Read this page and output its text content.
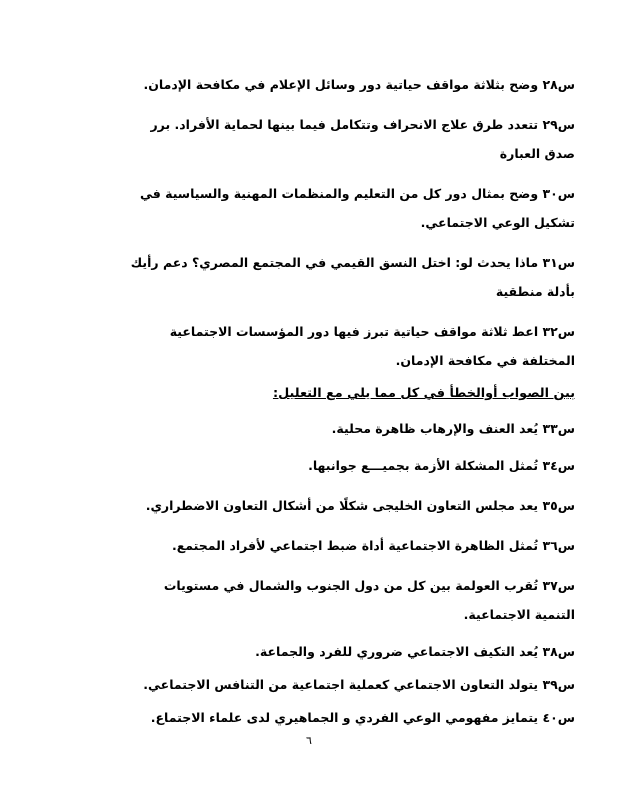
س٢٨ وضح بثلاثة مواقف حياتية دور وسائل الإعلام في مكافحة الإدمان.

س٢٩ تتعدد طرق علاج الانحراف وتتكامل فيما بينها لحماية الأفراد. برر صدق العبارة

س٣٠ وضح بمثال دور كل من التعليم والمنظمات المهنية والسياسية في تشكيل الوعي الاجتماعي.

س٣١ ماذا يحدث لو: اختل النسق القيمي في المجتمع المصري؟ دعم رأيك بأدلة منطقية

س٣٢ اعط ثلاثة مواقف حياتية تبرز فيها دور المؤسسات الاجتماعية المختلفة في مكافحة الإدمان.

بين الصواب أوالخطأ في كل مما يلي مع التعليل:

س٣٣ يُعد العنف والإرهاب ظاهرة محلية.

س٣٤ تُمثل المشكلة الأزمة بجميـــع جوانبها.

س٣٥ يعد مجلس التعاون الخليجى شكلًا من أشكال التعاون الاضطراري.

س٣٦ تُمثل الظاهرة الاجتماعية أداة ضبط اجتماعي لأفراد المجتمع.

س٣٧ تُقرب العولمة بين كل من دول الجنوب والشمال في مستويات التنمية الاجتماعية.

س٣٨ يُعد التكيف الاجتماعي ضروري للفرد والجماعة.

س٣٩ يتولد التعاون الاجتماعي كعملية اجتماعية من التنافس الاجتماعي.

س٤٠ يتمايز مفهومي الوعي الفردي و الجماهيري لدى علماء الاجتماع.

٦
